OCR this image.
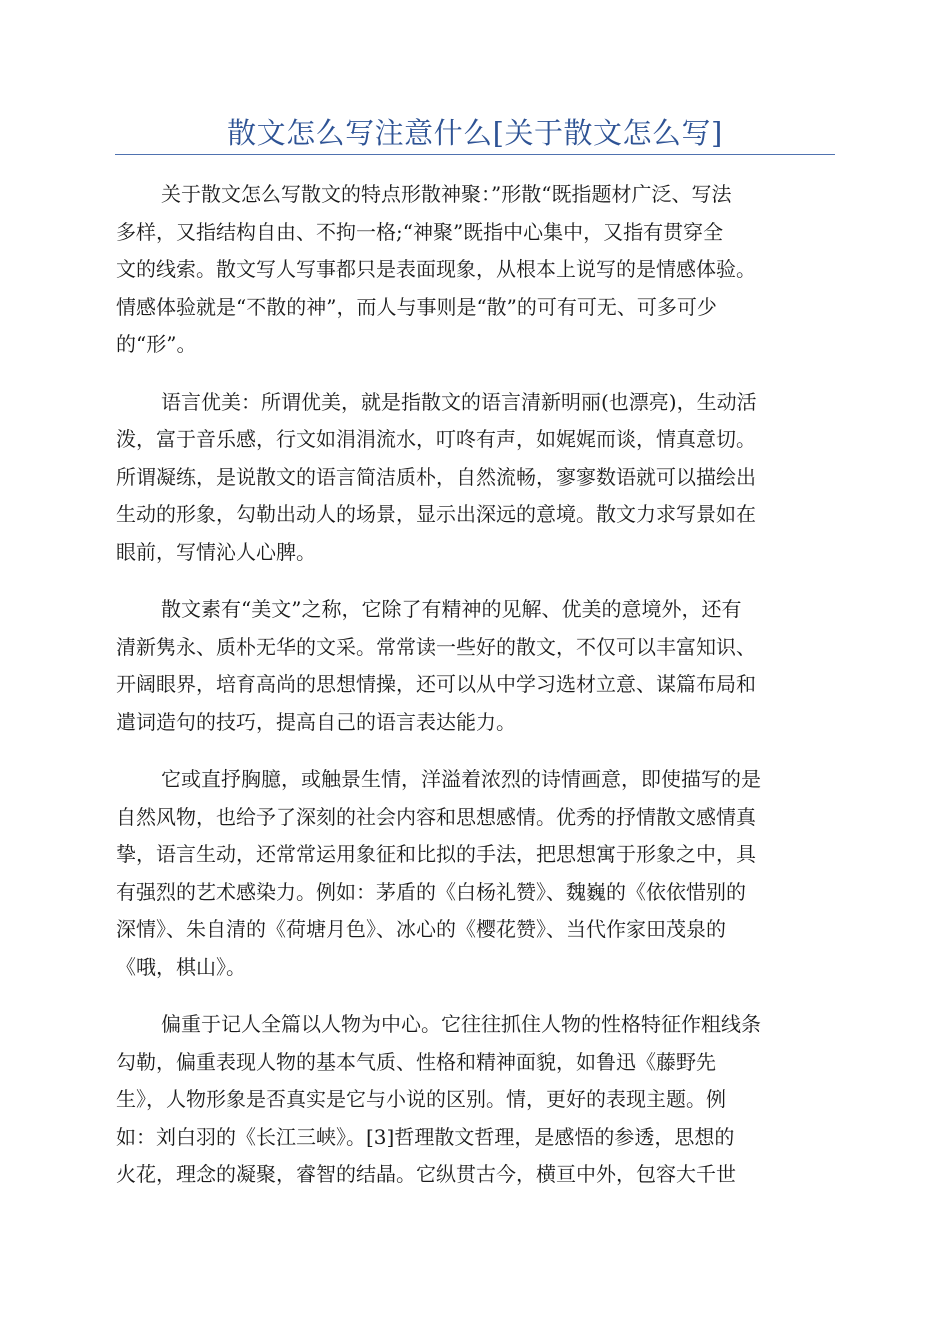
散文怎么写注意什么[关于散文怎么写]
关于散文怎么写散文的特点形散神聚：”形散“既指题材广泛、写法
多样，又指结构自由、不拘一格;“神聚”既指中心集中，又指有贯穿全
文的线索。散文写人写事都只是表面现象，从根本上说写的是情感体验。
情感体验就是“不散的神”，而人与事则是“散”的可有可无、可多可少
的“形”。
语言优美：所谓优美，就是指散文的语言清新明丽(也漂亮)，生动活
泼，富于音乐感，行文如涓涓流水，叮咚有声，如娓娓而谈，情真意切。
所谓凝练，是说散文的语言简洁质朴，自然流畅，寥寥数语就可以描绘出
生动的形象，勾勒出动人的场景，显示出深远的意境。散文力求写景如在
眼前，写情沁人心脾。
散文素有“美文”之称，它除了有精神的见解、优美的意境外，还有
清新隽永、质朴无华的文采。常常读一些好的散文，不仅可以丰富知识、
开阔眼界，培育高尚的思想情操，还可以从中学习选材立意、谋篇布局和
遣词造句的技巧，提高自己的语言表达能力。
它或直抒胸臆，或触景生情，洋溢着浓烈的诗情画意，即使描写的是
自然风物，也给予了深刻的社会内容和思想感情。优秀的抒情散文感情真
挚，语言生动，还常常运用象征和比拟的手法，把思想寓于形象之中，具
有强烈的艺术感染力。例如：茅盾的《白杨礼赞》、魏巍的《依依惜别的
深情》、朱自清的《荷塘月色》、冰心的《樱花赞》、当代作家田茂泉的
《哦，棋山》。
偏重于记人全篇以人物为中心。它往往抓住人物的性格特征作粗线条
勾勒，偏重表现人物的基本气质、性格和精神面貌，如鲁迅《藤野先
生》，人物形象是否真实是它与小说的区别。情，更好的表现主题。例
如：刘白羽的《长江三峡》。[3]哲理散文哲理，是感悟的参透，思想的
火花，理念的凝聚，睿智的结晶。它纵贯古今，横亘中外，包容大千世
